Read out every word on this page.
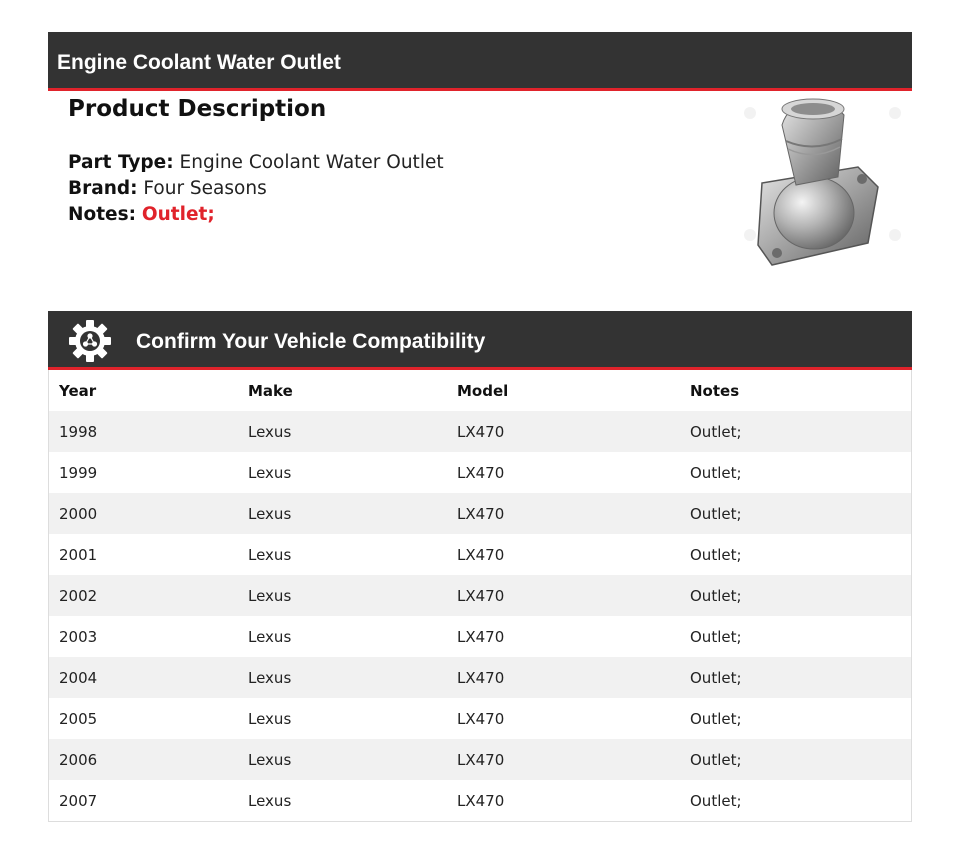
Engine Coolant Water Outlet
Product Description
Part Type: Engine Coolant Water Outlet
Brand: Four Seasons
Notes: Outlet;
Confirm Your Vehicle Compatibility
Year	Make	Model	Notes
1998	Lexus	LX470	Outlet;
1999	Lexus	LX470	Outlet;
2000	Lexus	LX470	Outlet;
2001	Lexus	LX470	Outlet;
2002	Lexus	LX470	Outlet;
2003	Lexus	LX470	Outlet;
2004	Lexus	LX470	Outlet;
2005	Lexus	LX470	Outlet;
2006	Lexus	LX470	Outlet;
2007	Lexus	LX470	Outlet;
